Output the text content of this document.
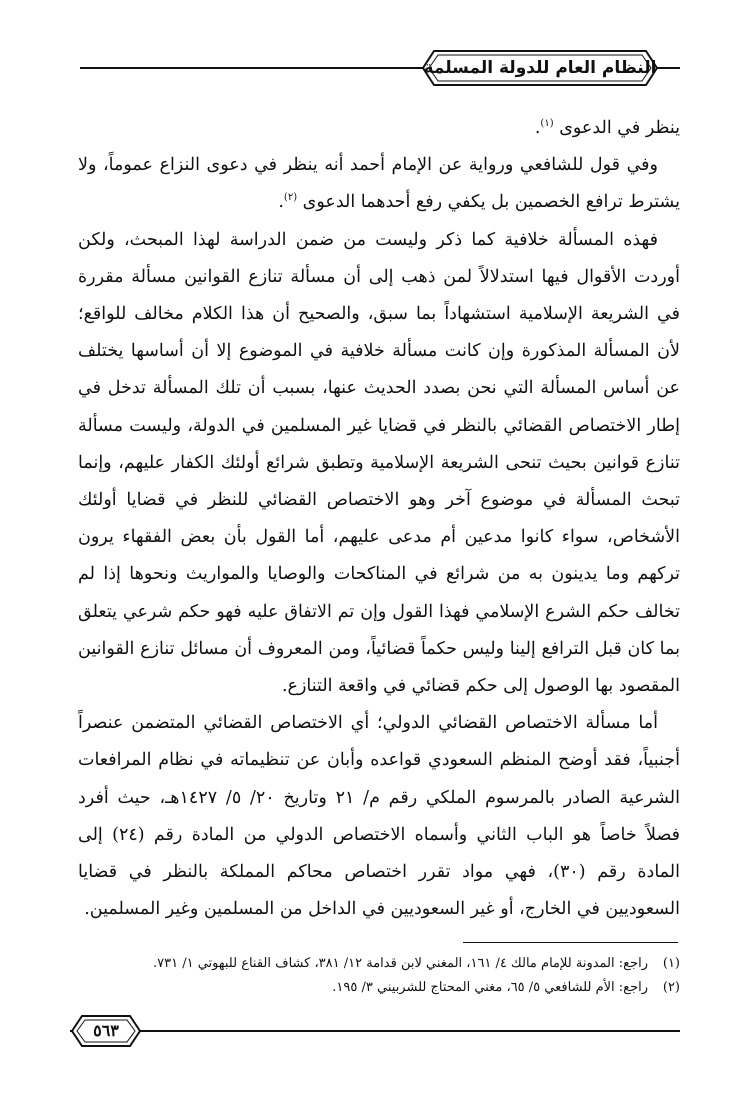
النظام العام للدولة المسلمة

ينظر في الدعوى $^{(١)}$.

وفي قول للشافعي ورواية عن الإمام أحمد أنه ينظر في دعوى النزاع عموماً، ولا يشترط ترافع الخصمين بل يكفي رفع أحدهما الدعوى $^{(٢)}$.

فهذه المسألة خلافية كما ذكر وليست من ضمن الدراسة لهذا المبحث، ولكن أوردت الأقوال فيها استدلالاً لمن ذهب إلى أن مسألة تنازع القوانين مسألة مقررة في الشريعة الإسلامية استشهاداً بما سبق، والصحيح أن هذا الكلام مخالف للواقع؛ لأن المسألة المذكورة وإن كانت مسألة خلافية في الموضوع إلا أن أساسها يختلف عن أساس المسألة التي نحن بصدد الحديث عنها، بسبب أن تلك المسألة تدخل في إطار الاختصاص القضائي بالنظر في قضايا غير المسلمين في الدولة، وليست مسألة تنازع قوانين بحيث تنحى الشريعة الإسلامية وتطبق شرائع أولئك الكفار عليهم، وإنما تبحث المسألة في موضوع آخر وهو الاختصاص القضائي للنظر في قضايا أولئك الأشخاص، سواء كانوا مدعين أم مدعى عليهم، أما القول بأن بعض الفقهاء يرون تركهم وما يدينون به من شرائع في المناكحات والوصايا والمواريث ونحوها إذا لم تخالف حكم الشرع الإسلامي فهذا القول وإن تم الاتفاق عليه فهو حكم شرعي يتعلق بما كان قبل الترافع إلينا وليس حكماً قضائياً، ومن المعروف أن مسائل تنازع القوانين المقصود بها الوصول إلى حكم قضائي في واقعة التنازع.

أما مسألة الاختصاص القضائي الدولي؛ أي الاختصاص القضائي المتضمن عنصراً أجنبياً، فقد أوضح المنظم السعودي قواعده وأبان عن تنظيماته في نظام المرافعات الشرعية الصادر بالمرسوم الملكي رقم م/ ٢١ وتاريخ ٢٠/ ٥/ ١٤٢٧هـ، حيث أفرد فصلاً خاصاً هو الباب الثاني وأسماه الاختصاص الدولي من المادة رقم (٢٤) إلى المادة رقم (٣٠)، فهي مواد تقرر اختصاص محاكم المملكة بالنظر في قضايا السعوديين في الخارج، أو غير السعوديين في الداخل من المسلمين وغير المسلمين.

(١)راجع: المدونة للإمام مالك ٤/ ١٦١، المغني لابن قدامة ١٢/ ٣٨١، كشاف القناع للبهوتي ١/ ٧٣١.

(٢)راجع: الأم للشافعي ٥/ ٦٥، مغني المحتاج للشربيني ٣/ ١٩٥.

٥٦٣
